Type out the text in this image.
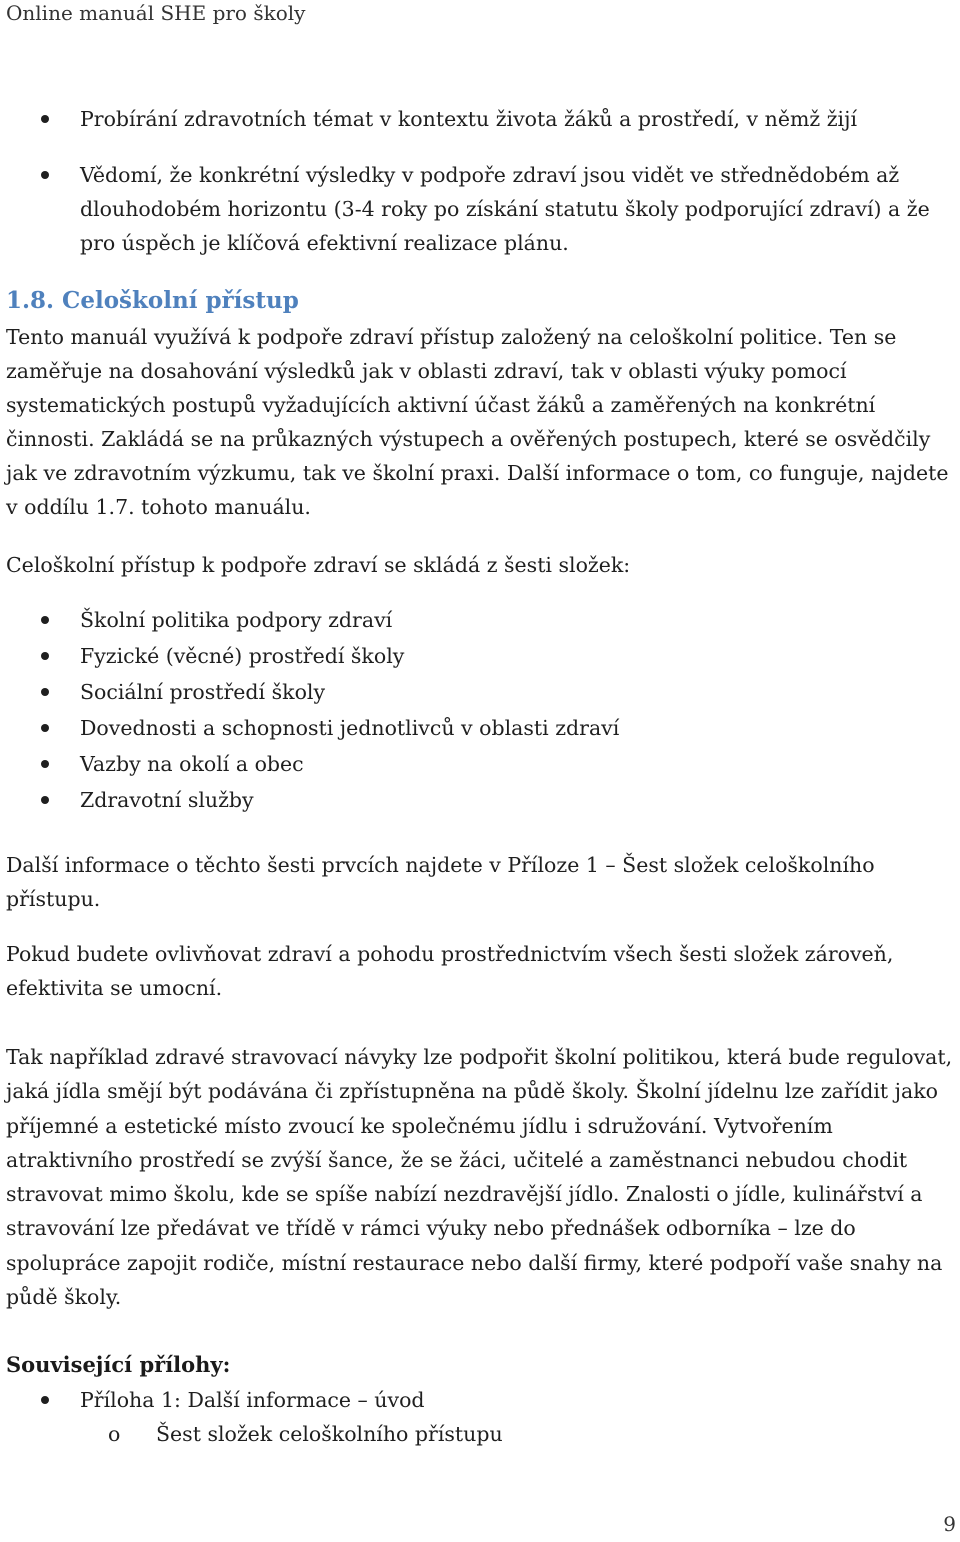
Online manuál SHE pro školy
Probírání zdravotních témat v kontextu života žáků a prostředí, v němž žijí
Vědomí, že konkrétní výsledky v podpoře zdraví jsou vidět ve střednědobém až dlouhodobém horizontu (3-4 roky po získání statutu školy podporující zdraví) a že pro úspěch je klíčová efektivní realizace plánu.
1.8. Celoškolní přístup

Tento manuál využívá k podpoře zdraví přístup založený na celoškolní politice. Ten se zaměřuje na dosahování výsledků jak v oblasti zdraví, tak v oblasti výuky pomocí systematických postupů vyžadujících aktivní účast žáků a zaměřených na konkrétní činnosti. Zakládá se na průkazných výstupech a ověřených postupech, které se osvědčily jak ve zdravotním výzkumu, tak ve školní praxi. Další informace o tom, co funguje, najdete v oddílu 1.7. tohoto manuálu.

Celoškolní přístup k podpoře zdraví se skládá z šesti složek:

Školní politika podpory zdraví
Fyzické (věcné) prostředí školy
Sociální prostředí školy
Dovednosti a schopnosti jednotlivců v oblasti zdraví
Vazby na okolí a obec
Zdravotní služby

Další informace o těchto šesti prvcích najdete v Příloze 1 – Šest složek celoškolního přístupu.

Pokud budete ovlivňovat zdraví a pohodu prostřednictvím všech šesti složek zároveň, efektivita se umocní.

Tak například zdravé stravovací návyky lze podpořit školní politikou, která bude regulovat, jaká jídla smějí být podávána či zpřístupněna na půdě školy. Školní jídelnu lze zařídit jako příjemné a estetické místo zvoucí ke společnému jídlu i sdružování. Vytvořením atraktivního prostředí se zvýší šance, že se žáci, učitelé a zaměstnanci nebudou chodit stravovat mimo školu, kde se spíše nabízí nezdravější jídlo. Znalosti o jídle, kulinářství a stravování lze předávat ve třídě v rámci výuky nebo přednášek odborníka – lze do spolupráce zapojit rodiče, místní restaurace nebo další firmy, které podpoří vaše snahy na půdě školy.

Související přílohy:
Příloha 1: Další informace – úvod
o Šest složek celoškolního přístupu
9
